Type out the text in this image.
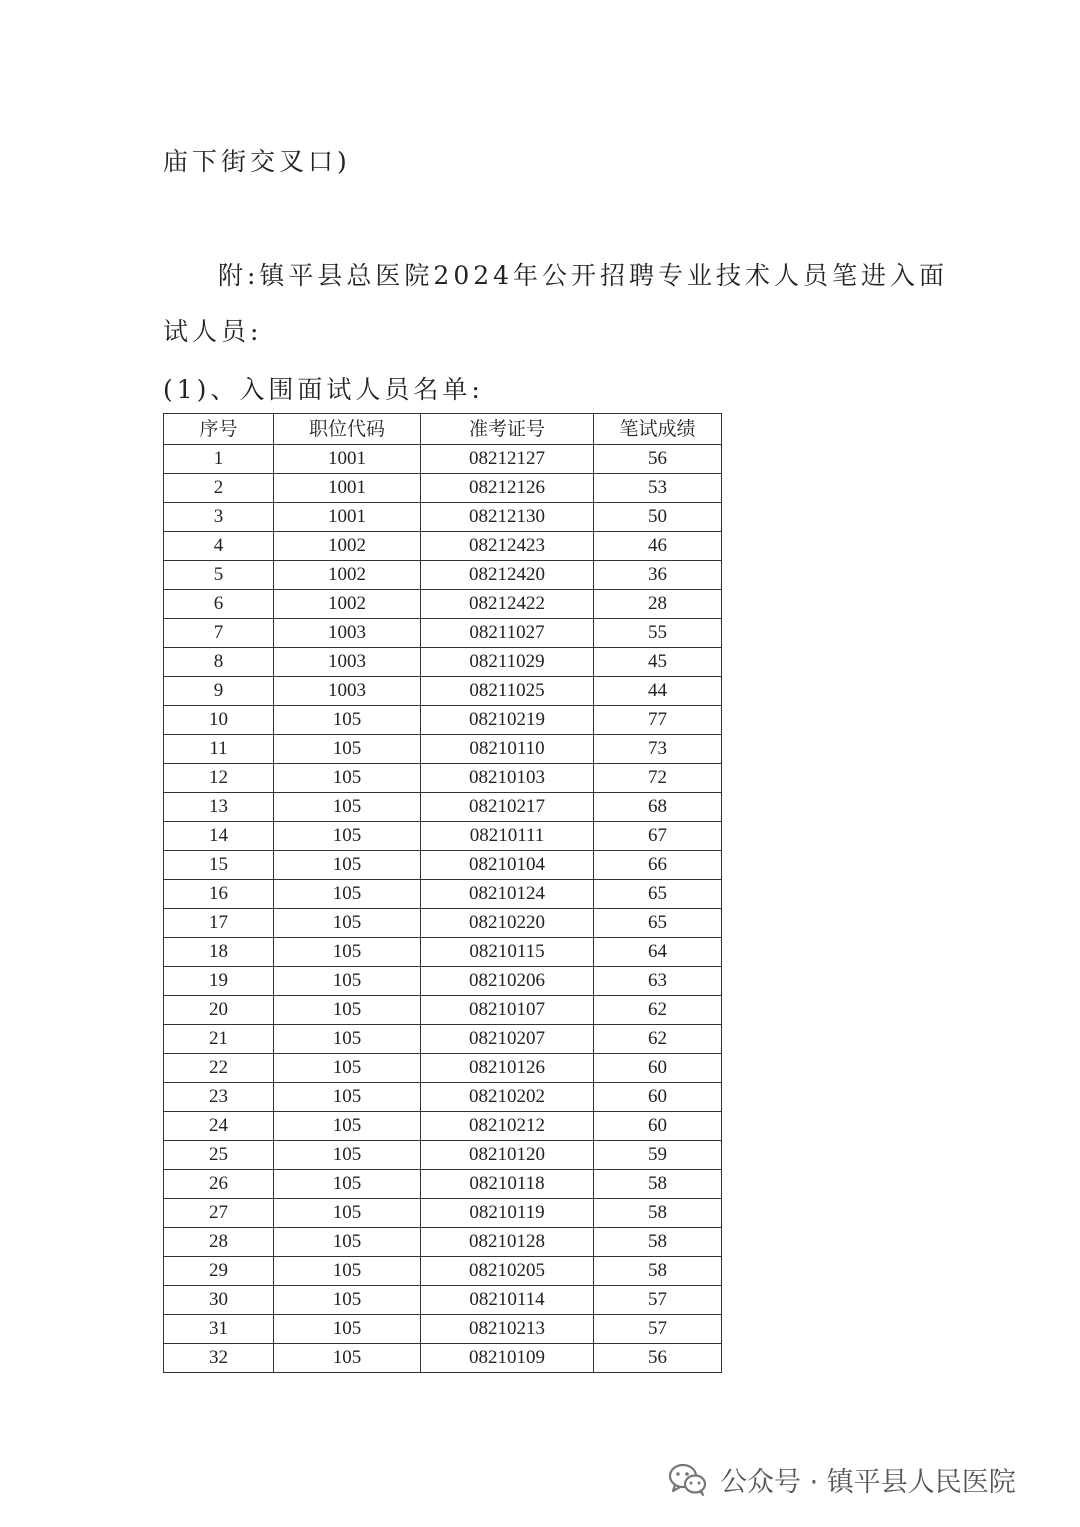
庙下街交叉口)
附:镇平县总医院2024年公开招聘专业技术人员笔进入面
试人员:
(1)、入围面试人员名单:
序号	职位代码	准考证号	笔试成绩
1	1001	08212127	56
2	1001	08212126	53
3	1001	08212130	50
4	1002	08212423	46
5	1002	08212420	36
6	1002	08212422	28
7	1003	08211027	55
8	1003	08211029	45
9	1003	08211025	44
10	105	08210219	77
11	105	08210110	73
12	105	08210103	72
13	105	08210217	68
14	105	08210111	67
15	105	08210104	66
16	105	08210124	65
17	105	08210220	65
18	105	08210115	64
19	105	08210206	63
20	105	08210107	62
21	105	08210207	62
22	105	08210126	60
23	105	08210202	60
24	105	08210212	60
25	105	08210120	59
26	105	08210118	58
27	105	08210119	58
28	105	08210128	58
29	105	08210205	58
30	105	08210114	57
31	105	08210213	57
32	105	08210109	56
公众号 · 镇平县人民医院
